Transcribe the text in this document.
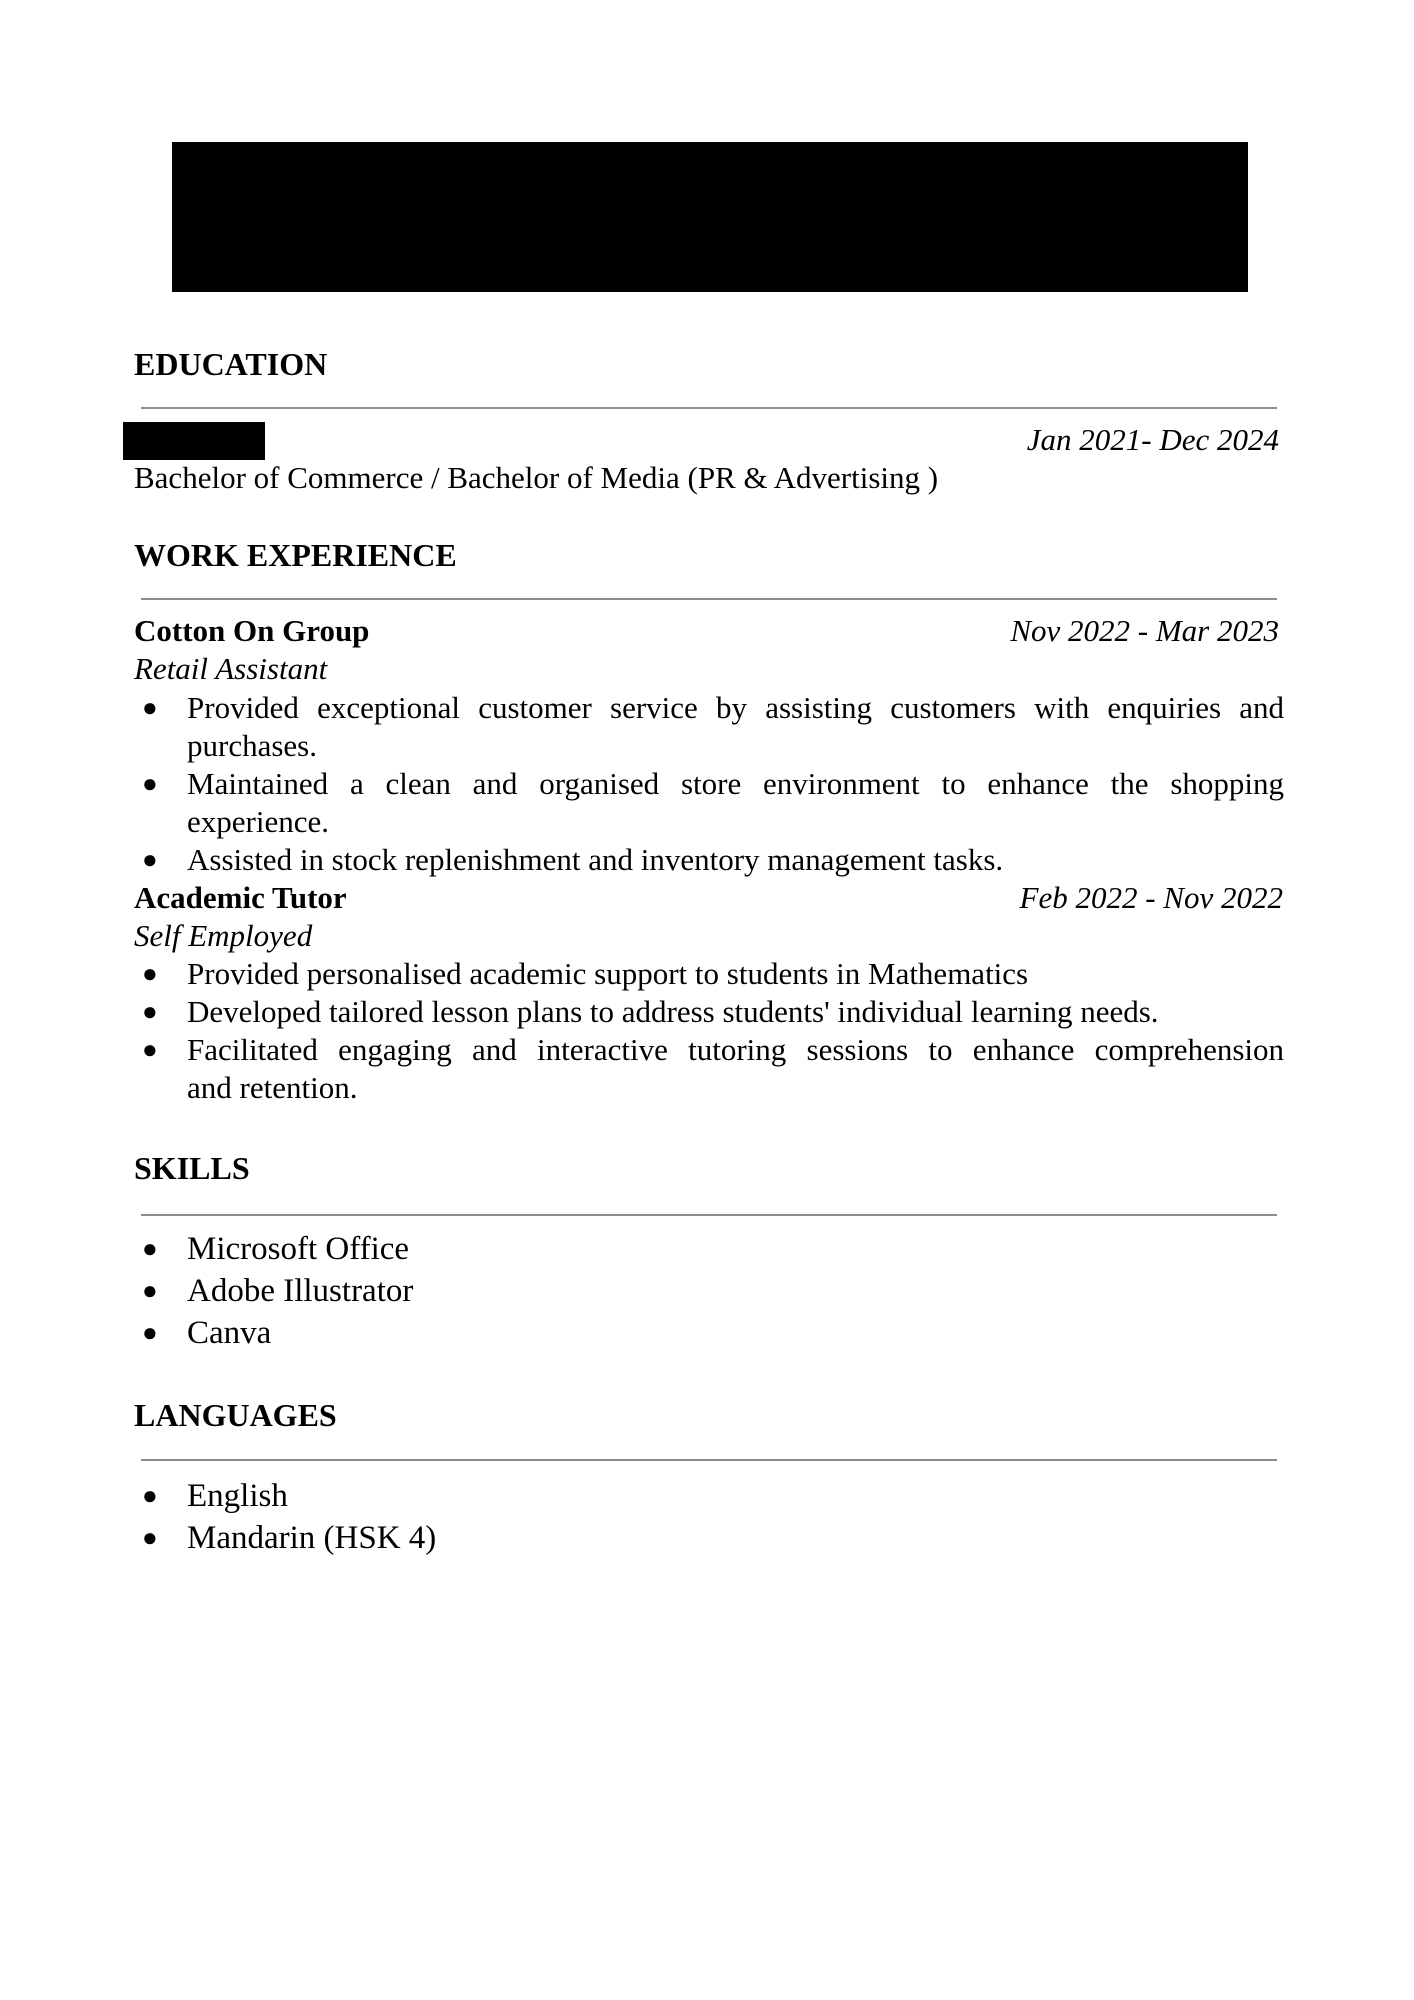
EDUCATION
Jan 2021- Dec 2024
Bachelor of Commerce / Bachelor of Media (PR & Advertising )
WORK EXPERIENCE
Cotton On Group	Nov 2022 - Mar 2023
Retail Assistant
● Provided exceptional customer service by assisting customers with enquiries and
purchases.
● Maintained a clean and organised store environment to enhance the shopping
experience.
● Assisted in stock replenishment and inventory management tasks.
Academic Tutor	Feb 2022 - Nov 2022
Self Employed
● Provided personalised academic support to students in Mathematics
● Developed tailored lesson plans to address students' individual learning needs.
● Facilitated engaging and interactive tutoring sessions to enhance comprehension
and retention.
SKILLS
● Microsoft Office
● Adobe Illustrator
● Canva
LANGUAGES
● English
● Mandarin (HSK 4)
